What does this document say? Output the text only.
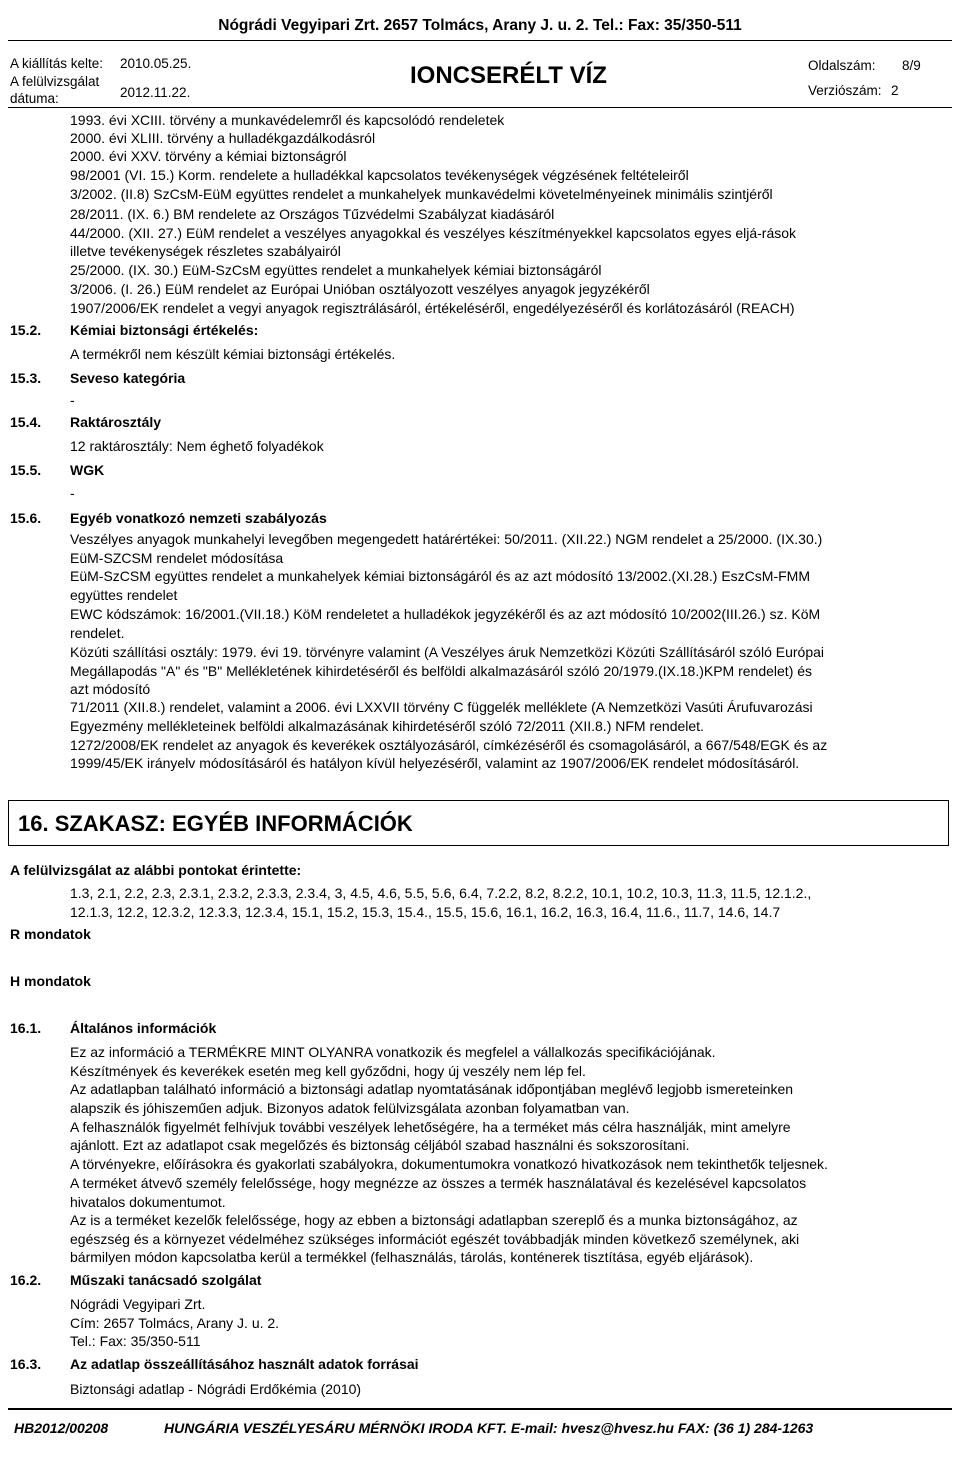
Nógrádi Vegyipari Zrt. 2657 Tolmács, Arany J. u. 2. Tel.: Fax: 35/350-511
A kiállítás kelte: 2010.05.25.
A felülvizsgálat
dátuma:	2012.11.22.
IONCSERÉLT VÍZ	Oldalszám: 8/9
Verziószám: 2
1993. évi XCIII. törvény a munkavédelemről és kapcsolódó rendeletek
2000. évi XLIII. törvény a hulladékgazdálkodásról
2000. évi XXV. törvény a kémiai biztonságról
98/2001 (VI. 15.) Korm. rendelete a hulladékkal kapcsolatos tevékenységek végzésének feltételeiről
3/2002. (II.8) SzCsM-EüM együttes rendelet a munkahelyek munkavédelmi követelményeinek minimális szintjéről
28/2011. (IX. 6.) BM rendelete az Országos Tűzvédelmi Szabályzat kiadásáról
44/2000. (XII. 27.) EüM rendelet a veszélyes anyagokkal és veszélyes készítményekkel kapcsolatos egyes eljá-rások
illetve tevékenységek részletes szabályairól
25/2000. (IX. 30.) EüM-SzCsM együttes rendelet a munkahelyek kémiai biztonságáról
3/2006. (I. 26.) EüM rendelet az Európai Unióban osztályozott veszélyes anyagok jegyzékéről
1907/2006/EK rendelet a vegyi anyagok regisztrálásáról, értékeléséről, engedélyezéséről és korlátozásáról (REACH)
15.2. Kémiai biztonsági értékelés:
A termékről nem készült kémiai biztonsági értékelés.
15.3. Seveso kategória
-
15.4. Raktárosztály
12 raktárosztály: Nem éghető folyadékok
15.5. WGK
-
15.6. Egyéb vonatkozó nemzeti szabályozás
Veszélyes anyagok munkahelyi levegőben megengedett határértékei: 50/2011. (XII.22.) NGM rendelet a 25/2000. (IX.30.)
EüM-SZCSM rendelet módosítása
EüM-SzCSM együttes rendelet a munkahelyek kémiai biztonságáról és az azt módosító 13/2002.(XI.28.) EszCsM-FMM
együttes rendelet
EWC kódszámok: 16/2001.(VII.18.) KöM rendeletet a hulladékok jegyzékéről és az azt módosító 10/2002(III.26.) sz. KöM
rendelet.
Közúti szállítási osztály: 1979. évi 19. törvényre valamint (A Veszélyes áruk Nemzetközi Közúti Szállításáról szóló Európai
Megállapodás "A" és "B" Mellékletének kihirdetéséről és belföldi alkalmazásáról szóló 20/1979.(IX.18.)KPM rendelet) és
azt módosító
71/2011 (XII.8.) rendelet, valamint a 2006. évi LXXVII törvény C függelék melléklete (A Nemzetközi Vasúti Árufuvarozási
Egyezmény mellékleteinek belföldi alkalmazásának kihirdetéséről szóló 72/2011 (XII.8.) NFM rendelet.
1272/2008/EK rendelet az anyagok és keverékek osztályozásáról, címkézéséről és csomagolásáról, a 667/548/EGK és az
1999/45/EK irányelv módosításáról és hatályon kívül helyezéséről, valamint az 1907/2006/EK rendelet módosításáról.
16. SZAKASZ: EGYÉB INFORMÁCIÓK
A felülvizsgálat az alábbi pontokat érintette:
1.3, 2.1, 2.2, 2.3, 2.3.1, 2.3.2, 2.3.3, 2.3.4, 3, 4.5, 4.6, 5.5, 5.6, 6.4, 7.2.2, 8.2, 8.2.2, 10.1, 10.2, 10.3, 11.3, 11.5, 12.1.2.,
12.1.3, 12.2, 12.3.2, 12.3.3, 12.3.4, 15.1, 15.2, 15.3, 15.4., 15.5, 15.6, 16.1, 16.2, 16.3, 16.4, 11.6., 11.7, 14.6, 14.7
R mondatok
H mondatok
16.1. Általános információk
Ez az információ a TERMÉKRE MINT OLYANRA vonatkozik és megfelel a vállalkozás specifikációjának.
Készítmények és keverékek esetén meg kell győződni, hogy új veszély nem lép fel.
Az adatlapban található információ a biztonsági adatlap nyomtatásának időpontjában meglévő legjobb ismereteinken
alapszik és jóhiszeműen adjuk. Bizonyos adatok felülvizsgálata azonban folyamatban van.
A felhasználók figyelmét felhívjuk további veszélyek lehetőségére, ha a terméket más célra használják, mint amelyre
ajánlott. Ezt az adatlapot csak megelőzés és biztonság céljából szabad használni és sokszorosítani.
A törvényekre, előírásokra és gyakorlati szabályokra, dokumentumokra vonatkozó hivatkozások nem tekinthetők teljesnek.
A terméket átvevő személy felelőssége, hogy megnézze az összes a termék használatával és kezelésével kapcsolatos
hivatalos dokumentumot.
Az is a terméket kezelők felelőssége, hogy az ebben a biztonsági adatlapban szereplő és a munka biztonságához, az
egészség és a környezet védelméhez szükséges információt egészét továbbadják minden következő személynek, aki
bármilyen módon kapcsolatba kerül a termékkel (felhasználás, tárolás, konténerek tisztítása, egyéb eljárások).
16.2. Műszaki tanácsadó szolgálat
Nógrádi Vegyipari Zrt.
Cím: 2657 Tolmács, Arany J. u. 2.
Tel.: Fax: 35/350-511
16.3. Az adatlap összeállításához használt adatok forrásai
Biztonsági adatlap - Nógrádi Erdőkémia (2010)
HB2012/00208	HUNGÁRIA VESZÉLYESÁRU MÉRNÖKI IRODA KFT. E-mail: hvesz@hvesz.hu FAX: (36 1) 284-1263
